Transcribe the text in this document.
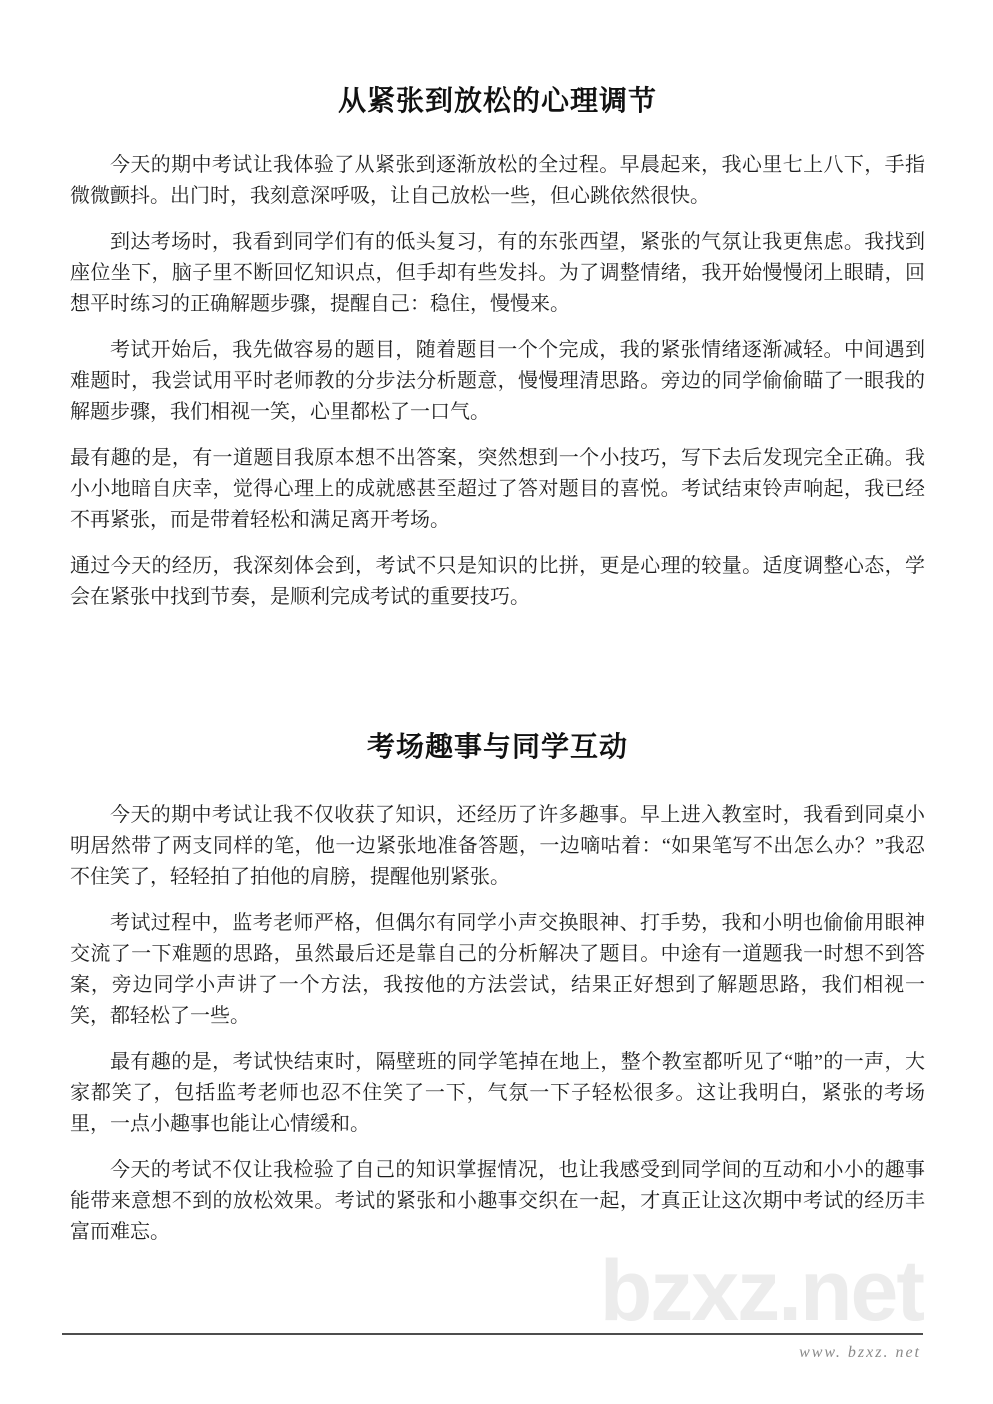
从紧张到放松的心理调节

今天的期中考试让我体验了从紧张到逐渐放松的全过程。早晨起来，我心里七上八下，手指微微颤抖。出门时，我刻意深呼吸，让自己放松一些，但心跳依然很快。

到达考场时，我看到同学们有的低头复习，有的东张西望，紧张的气氛让我更焦虑。我找到座位坐下，脑子里不断回忆知识点，但手却有些发抖。为了调整情绪，我开始慢慢闭上眼睛，回想平时练习的正确解题步骤，提醒自己：稳住，慢慢来。

考试开始后，我先做容易的题目，随着题目一个个完成，我的紧张情绪逐渐减轻。中间遇到难题时，我尝试用平时老师教的分步法分析题意，慢慢理清思路。旁边的同学偷偷瞄了一眼我的解题步骤，我们相视一笑，心里都松了一口气。

最有趣的是，有一道题目我原本想不出答案，突然想到一个小技巧，写下去后发现完全正确。我小小地暗自庆幸，觉得心理上的成就感甚至超过了答对题目的喜悦。考试结束铃声响起，我已经不再紧张，而是带着轻松和满足离开考场。

通过今天的经历，我深刻体会到，考试不只是知识的比拼，更是心理的较量。适度调整心态，学会在紧张中找到节奏，是顺利完成考试的重要技巧。

考场趣事与同学互动

今天的期中考试让我不仅收获了知识，还经历了许多趣事。早上进入教室时，我看到同桌小明居然带了两支同样的笔，他一边紧张地准备答题，一边嘀咕着：“如果笔写不出怎么办？”我忍不住笑了，轻轻拍了拍他的肩膀，提醒他别紧张。

考试过程中，监考老师严格，但偶尔有同学小声交换眼神、打手势，我和小明也偷偷用眼神交流了一下难题的思路，虽然最后还是靠自己的分析解决了题目。中途有一道题我一时想不到答案，旁边同学小声讲了一个方法，我按他的方法尝试，结果正好想到了解题思路，我们相视一笑，都轻松了一些。

最有趣的是，考试快结束时，隔壁班的同学笔掉在地上，整个教室都听见了“啪”的一声，大家都笑了，包括监考老师也忍不住笑了一下，气氛一下子轻松很多。这让我明白，紧张的考场里，一点小趣事也能让心情缓和。

今天的考试不仅让我检验了自己的知识掌握情况，也让我感受到同学间的互动和小小的趣事能带来意想不到的放松效果。考试的紧张和小趣事交织在一起，才真正让这次期中考试的经历丰富而难忘。

bzxz.net
www. bzxz. net
